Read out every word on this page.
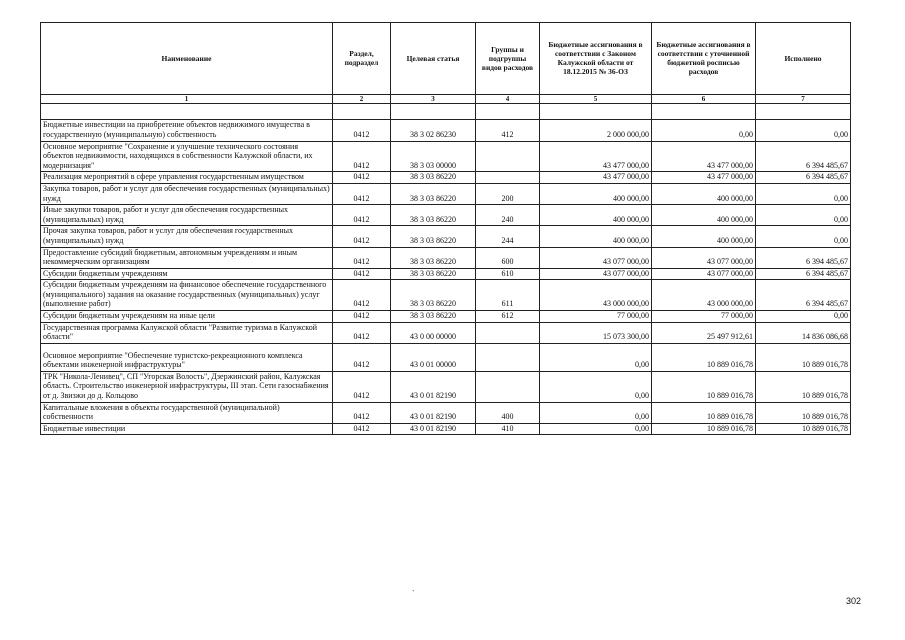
Наименование	Раздел, подраздел	Целевая статья	Группы и подгруппы видов расходов	Бюджетные ассигнования в соответствии с Законом Калужской области от 18.12.2015 № 36-ОЗ	Бюджетные ассигнования в соответствии с уточненной бюджетной росписью расходов	Исполнено
1	2	3	4	5	6	7

Бюджетные инвестиции на приобретение объектов недвижимого имущества в государственную (муниципальную) собственность	0412	38 3 02 86230	412	2 000 000,00	0,00	0,00
Основное мероприятие "Сохранение и улучшение технического состояния объектов недвижимости, находящихся в собственности Калужской области, их модернизация"	0412	38 3 03 00000		43 477 000,00	43 477 000,00	6 394 485,67
Реализация мероприятий в сфере управления государственным имуществом	0412	38 3 03 86220		43 477 000,00	43 477 000,00	6 394 485,67
Закупка товаров, работ и услуг для обеспечения государственных (муниципальных) нужд	0412	38 3 03 86220	200	400 000,00	400 000,00	0,00
Иные закупки товаров, работ и услуг для обеспечения государственных (муниципальных) нужд	0412	38 3 03 86220	240	400 000,00	400 000,00	0,00
Прочая закупка товаров, работ и услуг для обеспечения государственных (муниципальных) нужд	0412	38 3 03 86220	244	400 000,00	400 000,00	0,00
Предоставление субсидий бюджетным, автономным учреждениям и иным некоммерческим организациям	0412	38 3 03 86220	600	43 077 000,00	43 077 000,00	6 394 485,67
Субсидии бюджетным учреждениям	0412	38 3 03 86220	610	43 077 000,00	43 077 000,00	6 394 485,67
Субсидии бюджетным учреждениям на финансовое обеспечение государственного (муниципального) задания на оказание государственных (муниципальных) услуг (выполнение работ)	0412	38 3 03 86220	611	43 000 000,00	43 000 000,00	6 394 485,67
Субсидии бюджетным учреждениям на иные цели	0412	38 3 03 86220	612	77 000,00	77 000,00	0,00
Государственная программа Калужской области "Развитие туризма в Калужской области"	0412	43 0 00 00000		15 073 300,00	25 497 912,61	14 836 086,68
Основное мероприятие "Обеспечение туристско-рекреационного комплекса объектами инженерной инфраструктуры"	0412	43 0 01 00000		0,00	10 889 016,78	10 889 016,78
ТРК "Никола-Ленивец", СП "Угорская Волость", Дзержинский район, Калужская область. Строительство инженерной инфраструктуры, III этап. Сети газоснабжения от д. Звизжи до д. Кольцово	0412	43 0 01 82190		0,00	10 889 016,78	10 889 016,78
Капитальные вложения в объекты государственной (муниципальной) собственности	0412	43 0 01 82190	400	0,00	10 889 016,78	10 889 016,78
Бюджетные инвестиции	0412	43 0 01 82190	410	0,00	10 889 016,78	10 889 016,78
`
302
